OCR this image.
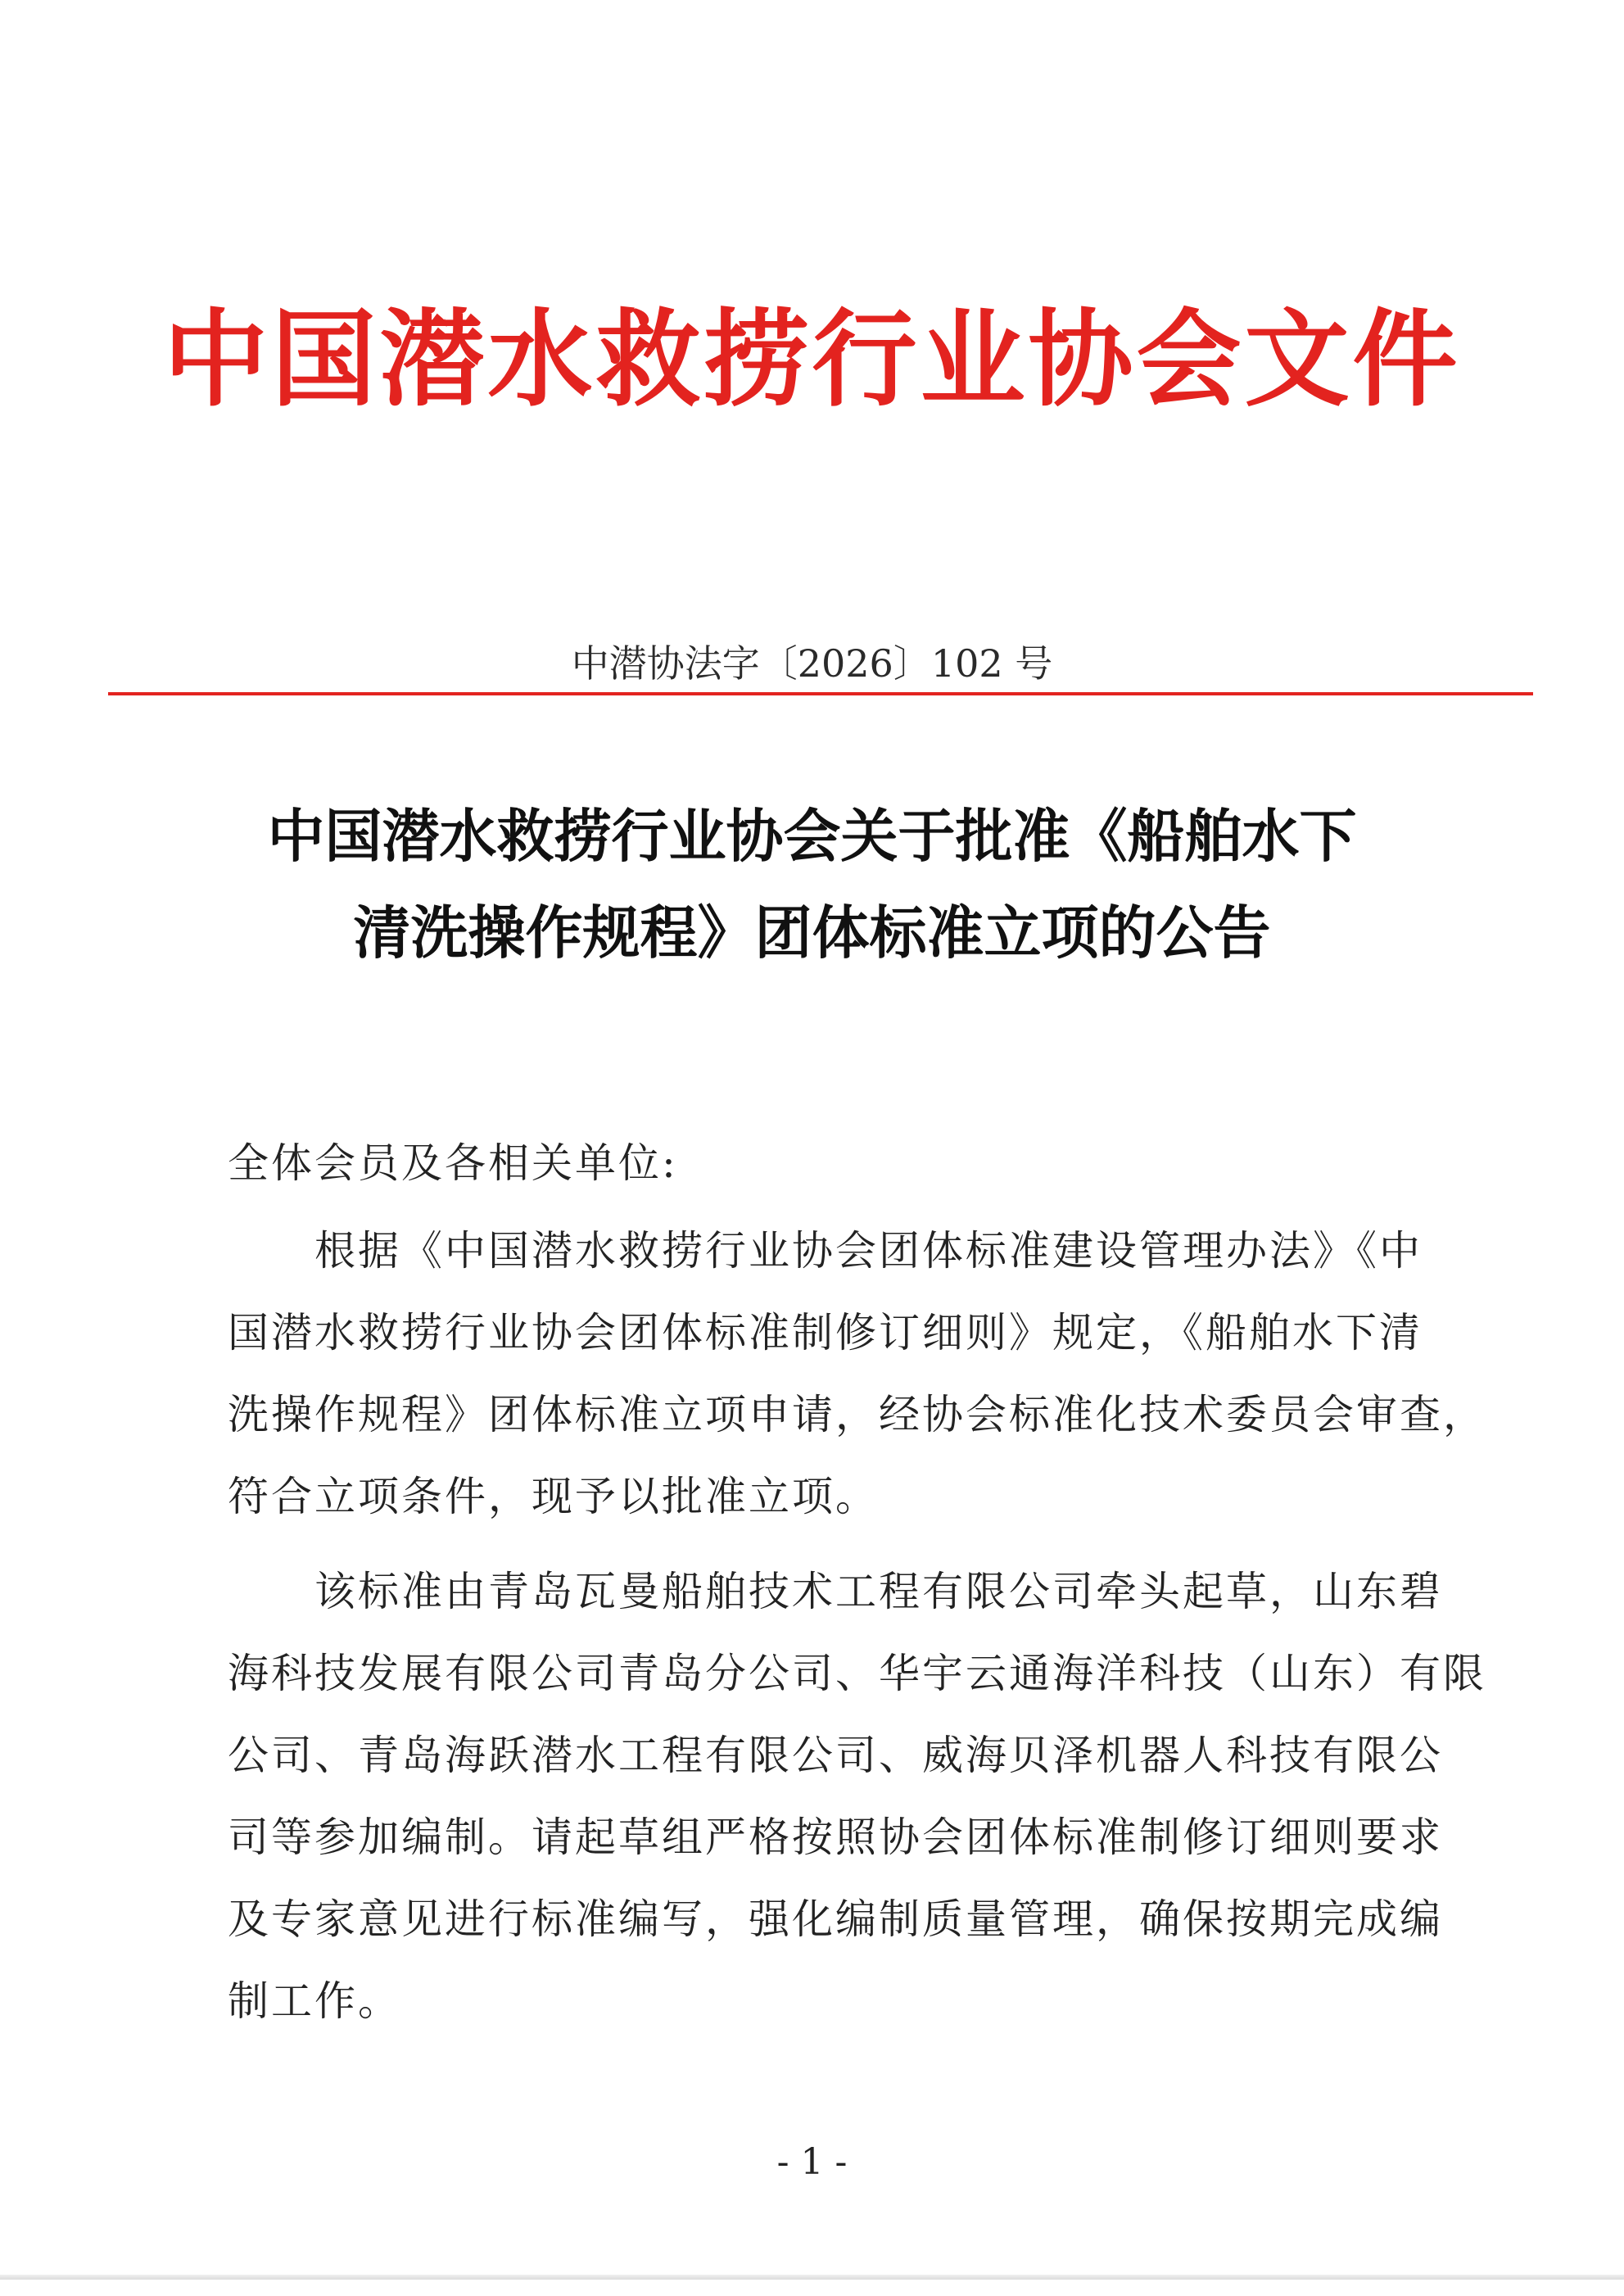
中国潜水救捞行业协会文件
中潜协法字〔2026〕102 号
中国潜水救捞行业协会关于批准《船舶水下
清洗操作规程》团体标准立项的公告
全体会员及各相关单位:
根据《中国潜水救捞行业协会团体标准建设管理办法》《中
国潜水救捞行业协会团体标准制修订细则》规定，《船舶水下清
洗操作规程》团体标准立项申请，经协会标准化技术委员会审查，
符合立项条件，现予以批准立项。
该标准由青岛瓦曼船舶技术工程有限公司牵头起草，山东碧
海科技发展有限公司青岛分公司、华宇云通海洋科技（山东）有限
公司、青岛海跃潜水工程有限公司、威海贝泽机器人科技有限公
司等参加编制。请起草组严格按照协会团体标准制修订细则要求
及专家意见进行标准编写，强化编制质量管理，确保按期完成编
制工作。
- 1 -
